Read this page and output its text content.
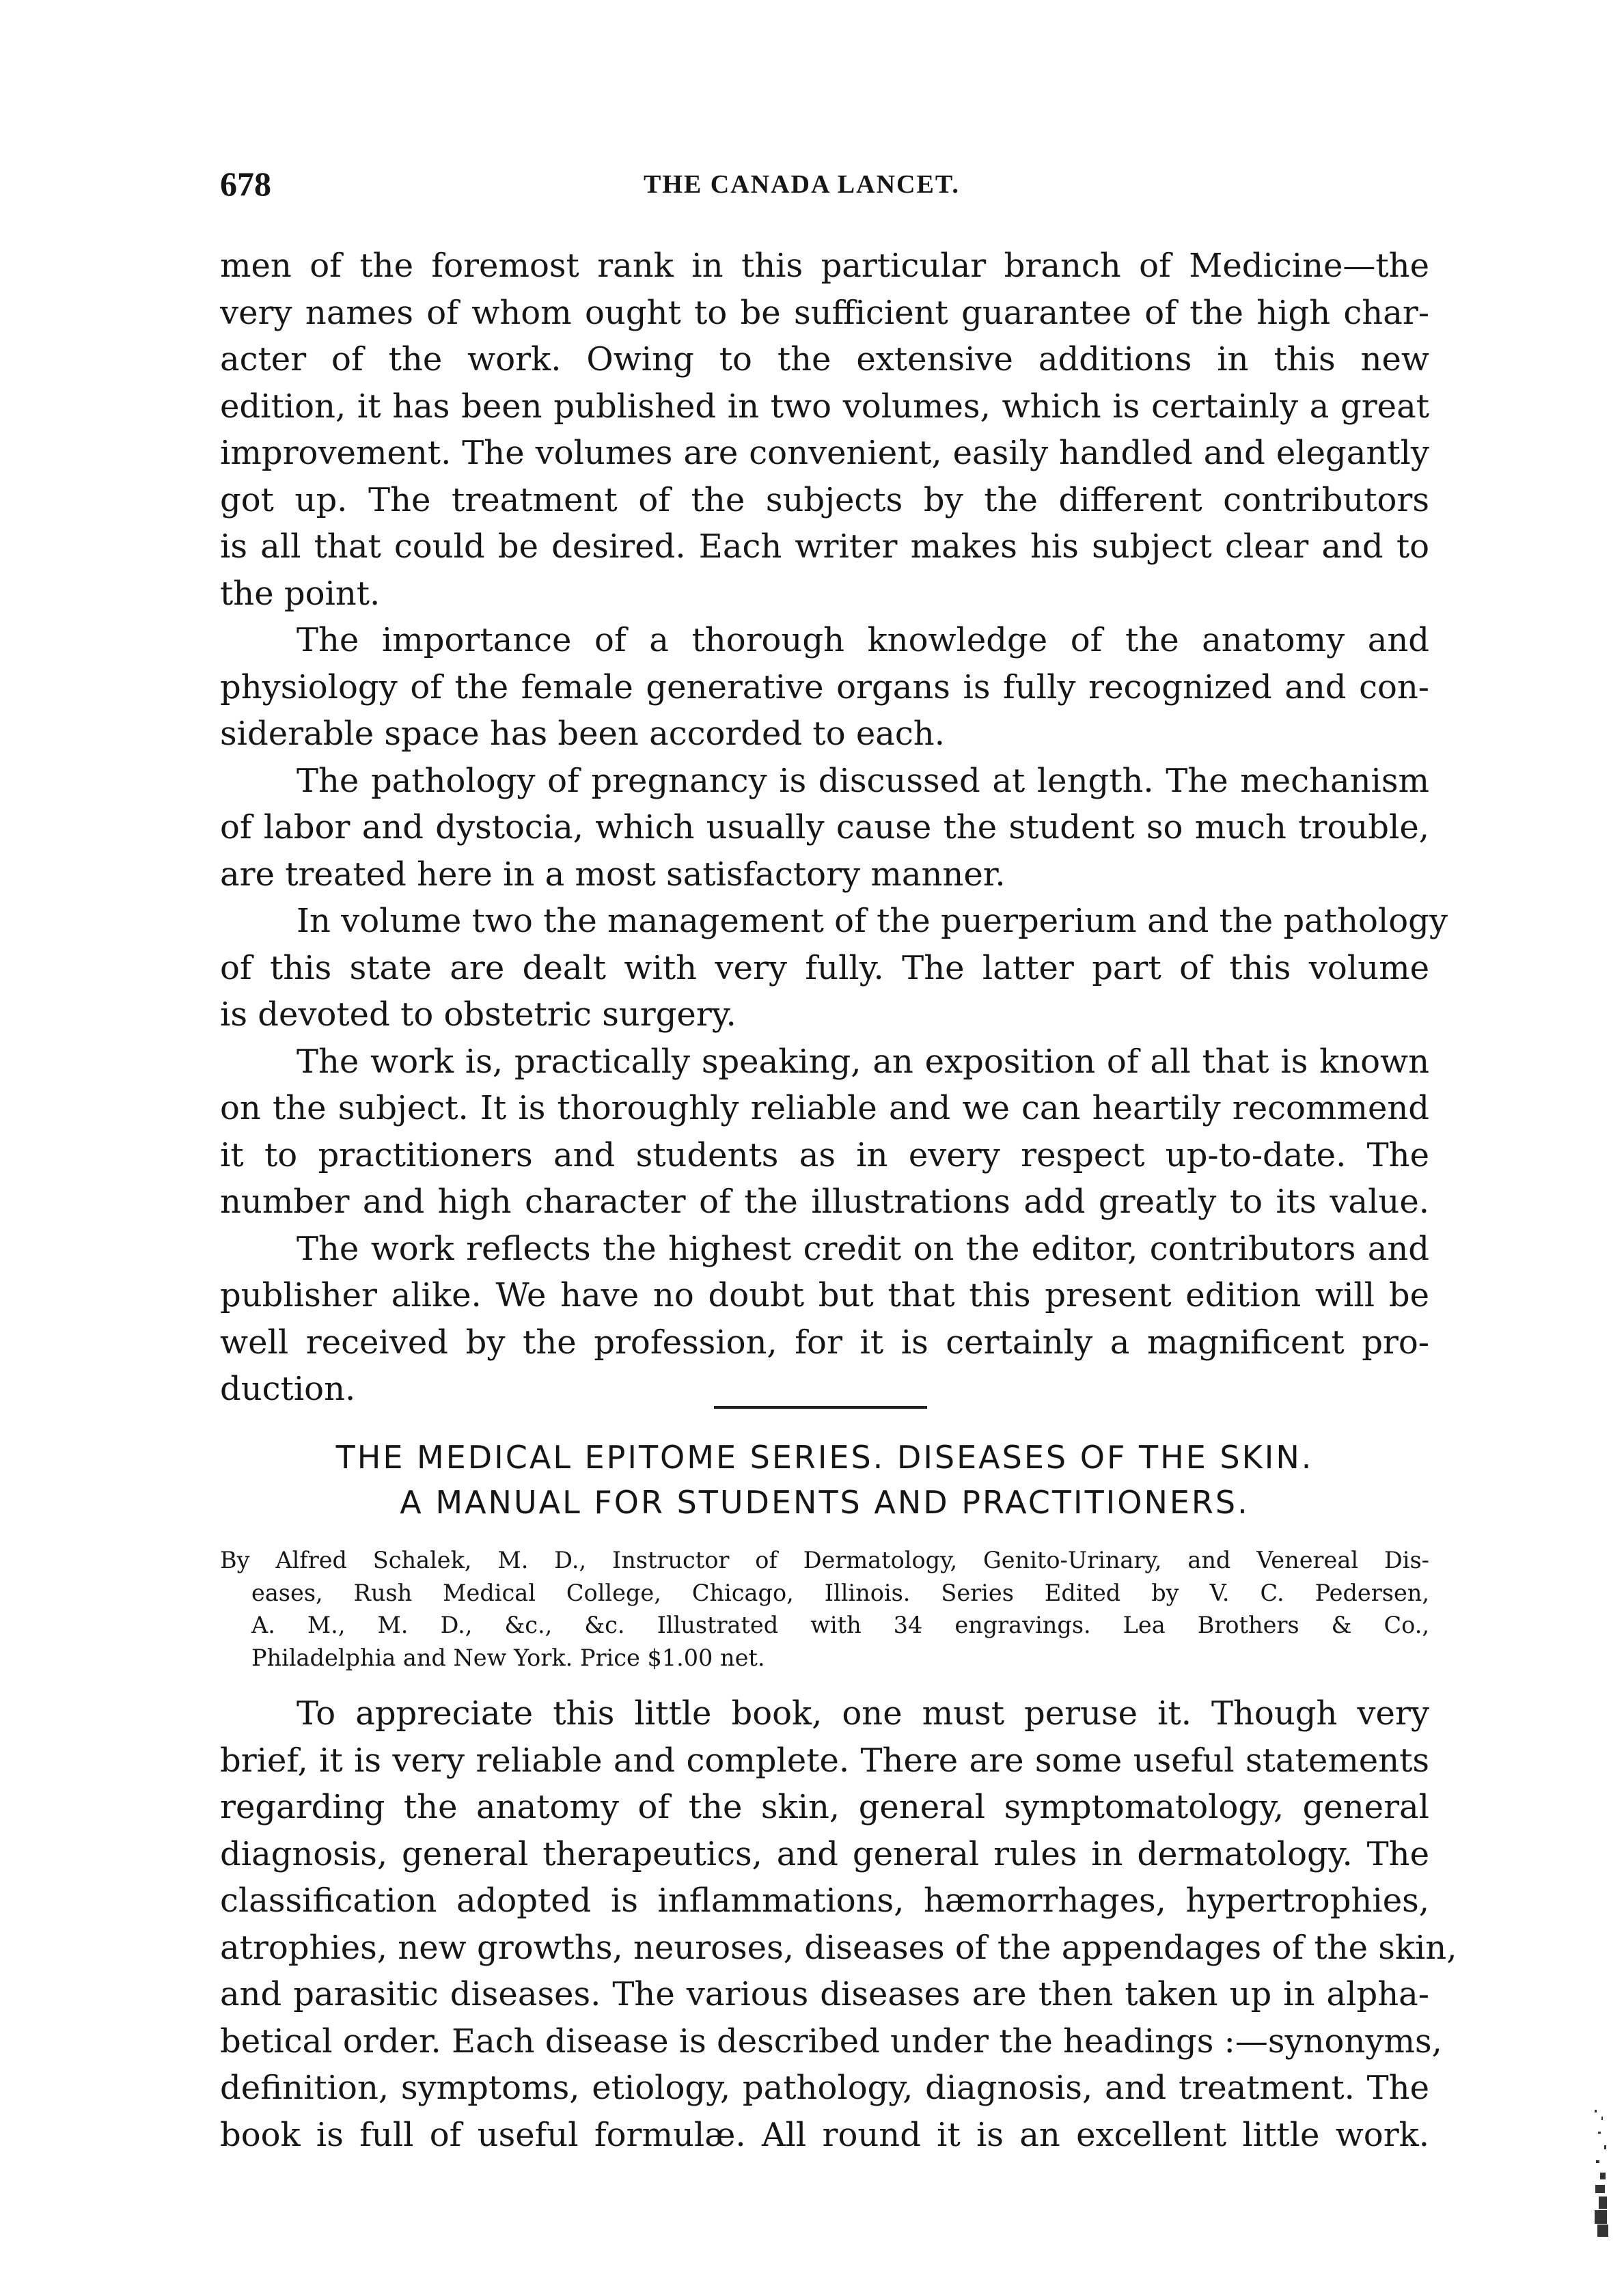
678	THE CANADA LANCET.
men of the foremost rank in this particular branch of Medicine—the
very names of whom ought to be sufficient guarantee of the high char-
acter of the work. Owing to the extensive additions in this new
edition, it has been published in two volumes, which is certainly a great
improvement. The volumes are convenient, easily handled and elegantly
got up. The treatment of the subjects by the different contributors
is all that could be desired. Each writer makes his subject clear and to
the point.
The importance of a thorough knowledge of the anatomy and
physiology of the female generative organs is fully recognized and con-
siderable space has been accorded to each.
The pathology of pregnancy is discussed at length. The mechanism
of labor and dystocia, which usually cause the student so much trouble,
are treated here in a most satisfactory manner.
In volume two the management of the puerperium and the pathology
of this state are dealt with very fully. The latter part of this volume
is devoted to obstetric surgery.
The work is, practically speaking, an exposition of all that is known
on the subject. It is thoroughly reliable and we can heartily recommend
it to practitioners and students as in every respect up-to-date. The
number and high character of the illustrations add greatly to its value.
The work reflects the highest credit on the editor, contributors and
publisher alike. We have no doubt but that this present edition will be
well received by the profession, for it is certainly a magnificent pro-
duction.
THE MEDICAL EPITOME SERIES. DISEASES OF THE SKIN.
A MANUAL FOR STUDENTS AND PRACTITIONERS.
By Alfred Schalek, M. D., Instructor of Dermatology, Genito-Urinary, and Venereal Dis-
eases, Rush Medical College, Chicago, Illinois. Series Edited by V. C. Pedersen,
A. M., M. D., &c., &c. Illustrated with 34 engravings. Lea Brothers & Co.,
Philadelphia and New York. Price $1.00 net.
To appreciate this little book, one must peruse it. Though very
brief, it is very reliable and complete. There are some useful statements
regarding the anatomy of the skin, general symptomatology, general
diagnosis, general therapeutics, and general rules in dermatology. The
classification adopted is inflammations, hæmorrhages, hypertrophies,
atrophies, new growths, neuroses, diseases of the appendages of the skin,
and parasitic diseases. The various diseases are then taken up in alpha-
betical order. Each disease is described under the headings :—synonyms,
definition, symptoms, etiology, pathology, diagnosis, and treatment. The
book is full of useful formulæ. All round it is an excellent little work.
